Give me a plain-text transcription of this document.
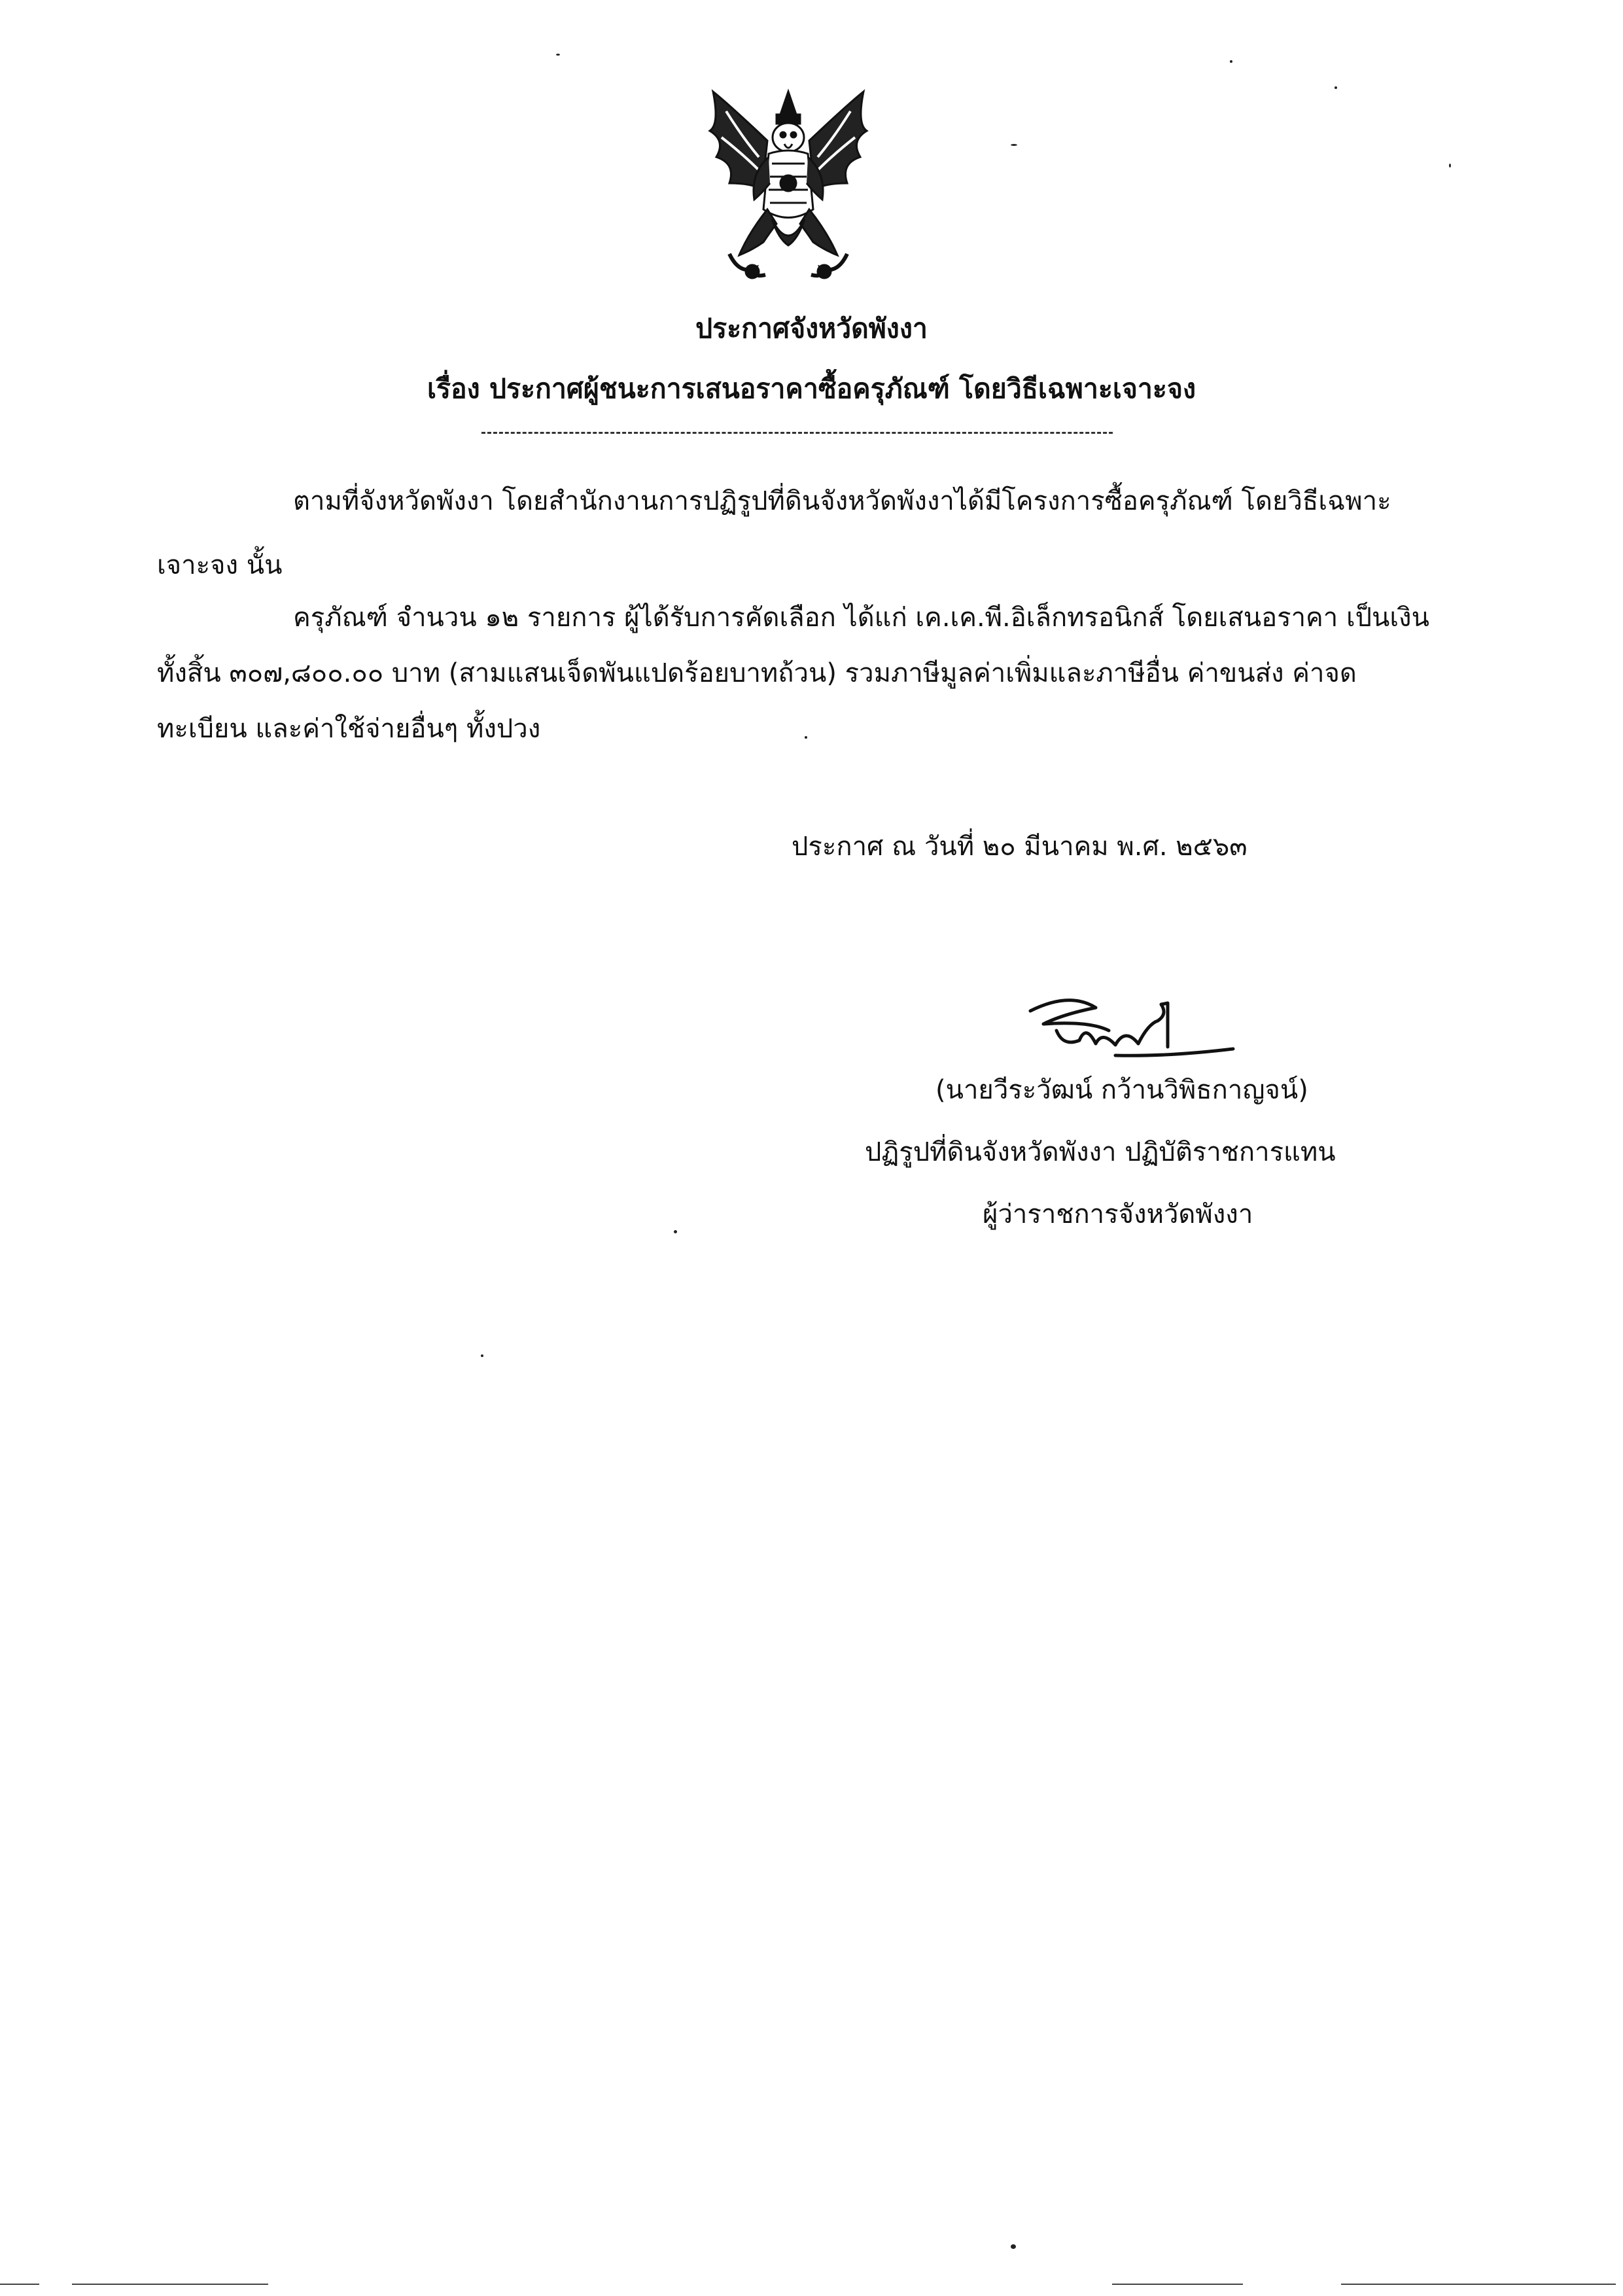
ประกาศจังหวัดพังงา
เรื่อง ประกาศผู้ชนะการเสนอราคาซื้อครุภัณฑ์ โดยวิธีเฉพาะเจาะจง
ตามที่จังหวัดพังงา โดยสำนักงานการปฏิรูปที่ดินจังหวัดพังงาได้มีโครงการซื้อครุภัณฑ์ โดยวิธีเฉพาะ
เจาะจง นั้น
ครุภัณฑ์ จำนวน ๑๒ รายการ ผู้ได้รับการคัดเลือก ได้แก่ เค.เค.พี.อิเล็กทรอนิกส์ โดยเสนอราคา เป็นเงิน
ทั้งสิ้น ๓๐๗,๘๐๐.๐๐ บาท (สามแสนเจ็ดพันแปดร้อยบาทถ้วน) รวมภาษีมูลค่าเพิ่มและภาษีอื่น ค่าขนส่ง ค่าจด
ทะเบียน และค่าใช้จ่ายอื่นๆ ทั้งปวง
ประกาศ ณ วันที่ ๒๐ มีนาคม พ.ศ. ๒๕๖๓
(นายวีระวัฒน์ กว้านวิพิธกาญจน์)
ปฏิรูปที่ดินจังหวัดพังงา ปฏิบัติราชการแทน
ผู้ว่าราชการจังหวัดพังงา
